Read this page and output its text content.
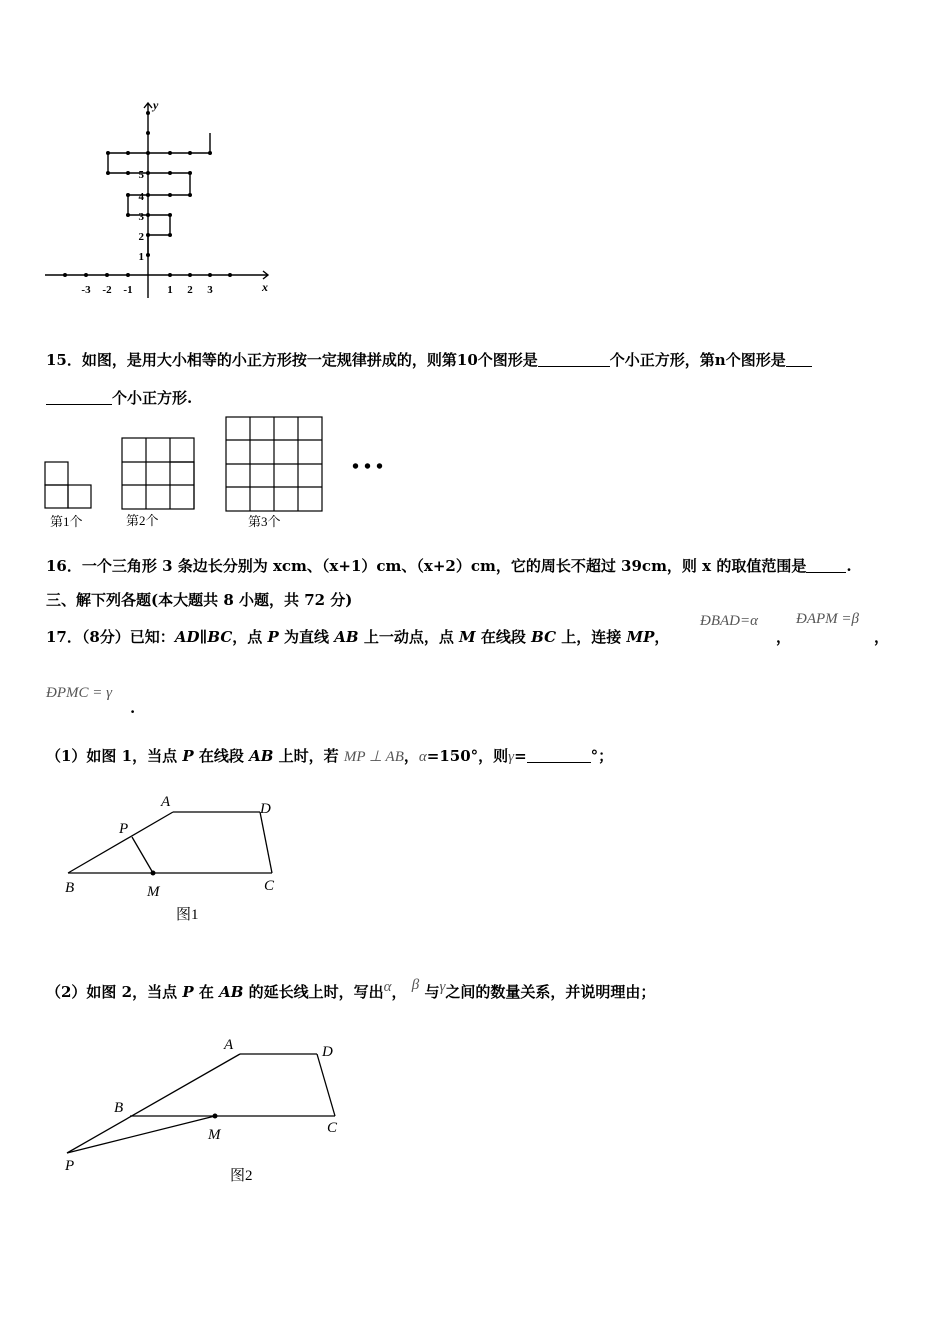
x
y
-3 -2 -1	1 2 3
1
2
3
4
5
15．如图，是用大小相等的小正方形按一定规律拼成的，则第10个图形是	个小正方形，第n个图形是
个小正方形.
第1个	第2个	第3个
• • •
16．一个三角形 3 条边长分别为 xcm、（x+1）cm、（x+2）cm，它的周长不超过 39cm，则 x 的取值范围是	.
三、解下列各题(本大题共 8 小题，共 72 分)
17．（8分）已知：AD∥BC，点 P 为直线 AB 上一动点，点 M 在线段 BC 上，连接 MP，
ÐBAD=α
，
ÐAPM =β
，
ÐPMC = γ
.
（1）如图 1，当点 P 在线段 AB 上时，若 MP ⊥ AB，α=150°，则γ=	°；
A	D
P
B	M	C
图1
（2）如图 2，当点 P 在 AB 的延长线上时，写出α， β 与γ之间的数量关系，并说明理由；
A	D
B
M	C
P
图2
